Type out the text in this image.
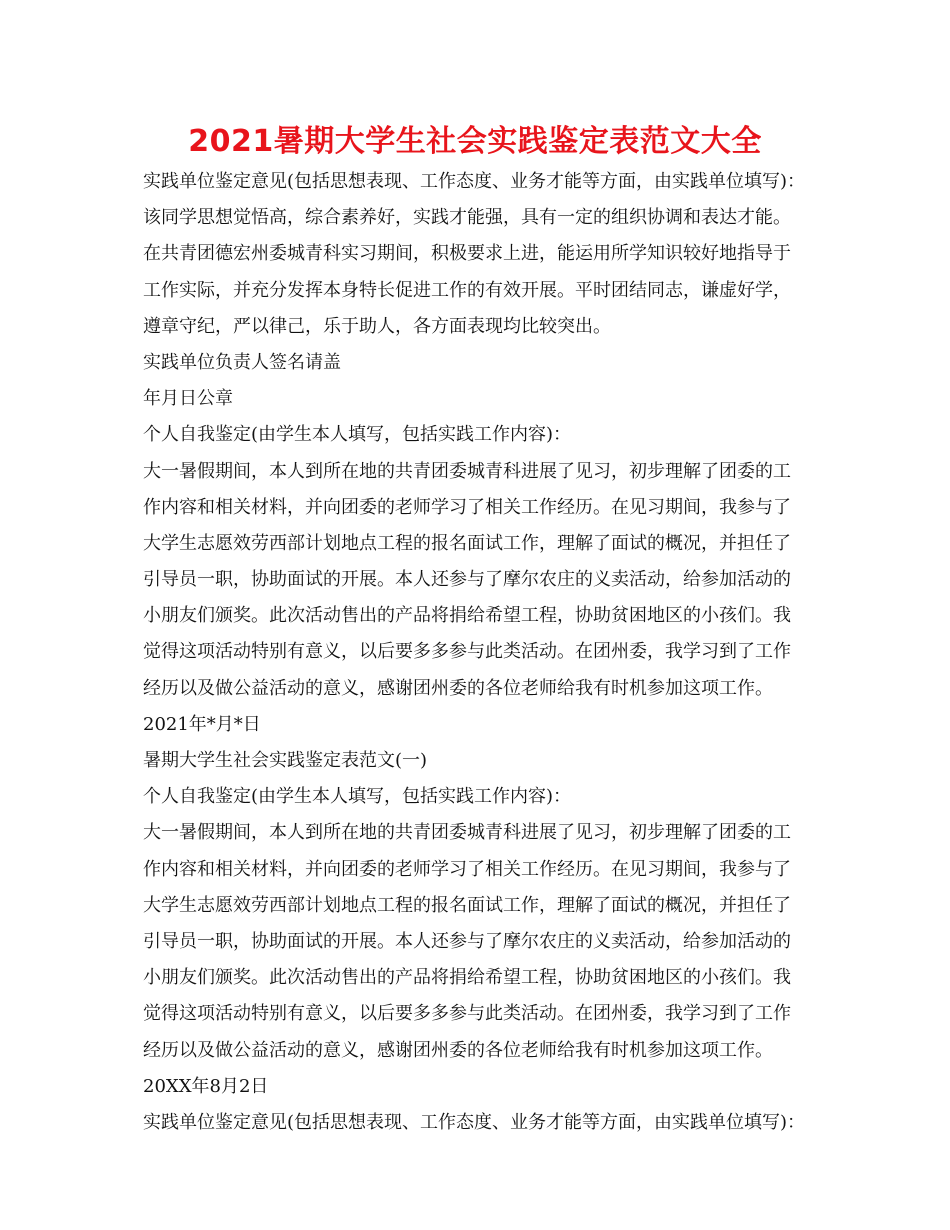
2021暑期大学生社会实践鉴定表范文大全
实践单位鉴定意见(包括思想表现、工作态度、业务才能等方面，由实践单位填写)：
该同学思想觉悟高，综合素养好，实践才能强，具有一定的组织协调和表达才能。
在共青团德宏州委城青科实习期间，积极要求上进，能运用所学知识较好地指导于
工作实际，并充分发挥本身特长促进工作的有效开展。平时团结同志，谦虚好学，
遵章守纪，严以律己，乐于助人，各方面表现均比较突出。
实践单位负责人签名请盖
年月日公章
个人自我鉴定(由学生本人填写，包括实践工作内容)：
大一暑假期间，本人到所在地的共青团委城青科进展了见习，初步理解了团委的工
作内容和相关材料，并向团委的老师学习了相关工作经历。在见习期间，我参与了
大学生志愿效劳西部计划地点工程的报名面试工作，理解了面试的概况，并担任了
引导员一职，协助面试的开展。本人还参与了摩尔农庄的义卖活动，给参加活动的
小朋友们颁奖。此次活动售出的产品将捐给希望工程，协助贫困地区的小孩们。我
觉得这项活动特别有意义，以后要多多参与此类活动。在团州委，我学习到了工作
经历以及做公益活动的意义，感谢团州委的各位老师给我有时机参加这项工作。
2021年*月*日
暑期大学生社会实践鉴定表范文(一)
个人自我鉴定(由学生本人填写，包括实践工作内容)：
大一暑假期间，本人到所在地的共青团委城青科进展了见习，初步理解了团委的工
作内容和相关材料，并向团委的老师学习了相关工作经历。在见习期间，我参与了
大学生志愿效劳西部计划地点工程的报名面试工作，理解了面试的概况，并担任了
引导员一职，协助面试的开展。本人还参与了摩尔农庄的义卖活动，给参加活动的
小朋友们颁奖。此次活动售出的产品将捐给希望工程，协助贫困地区的小孩们。我
觉得这项活动特别有意义，以后要多多参与此类活动。在团州委，我学习到了工作
经历以及做公益活动的意义，感谢团州委的各位老师给我有时机参加这项工作。
20XX年8月2日
实践单位鉴定意见(包括思想表现、工作态度、业务才能等方面，由实践单位填写)：
